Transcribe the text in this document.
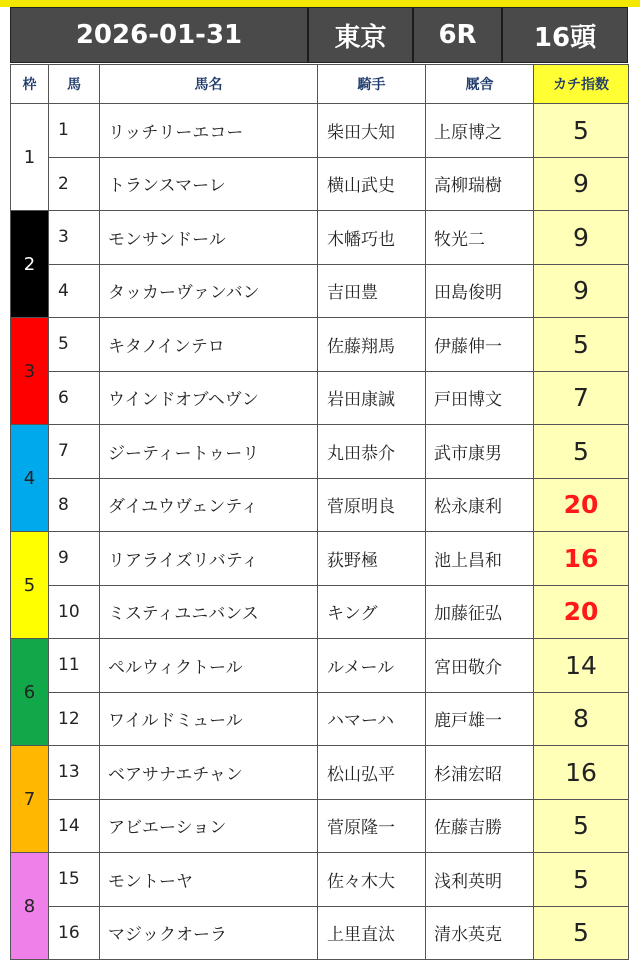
2026-01-31	東京	6R	16頭
枠	馬	馬名	騎手	厩舎	カチ指数
1	1	リッチリーエコー	柴田大知	上原博之	5
	2	トランスマーレ	横山武史	高柳瑞樹	9
2	3	モンサンドール	木幡巧也	牧光二	9
	4	タッカーヴァンバン	吉田豊	田島俊明	9
3	5	キタノインテロ	佐藤翔馬	伊藤伸一	5
	6	ウインドオブヘヴン	岩田康誠	戸田博文	7
4	7	ジーティートゥーリ	丸田恭介	武市康男	5
	8	ダイユウヴェンティ	菅原明良	松永康利	20
5	9	リアライズリバティ	荻野極	池上昌和	16
	10	ミスティユニバンス	キング	加藤征弘	20
6	11	ペルウィクトール	ルメール	宮田敬介	14
	12	ワイルドミュール	ハマーハ	鹿戸雄一	8
7	13	ベアサナエチャン	松山弘平	杉浦宏昭	16
	14	アビエーション	菅原隆一	佐藤吉勝	5
8	15	モントーヤ	佐々木大	浅利英明	5
	16	マジックオーラ	上里直汰	清水英克	5
